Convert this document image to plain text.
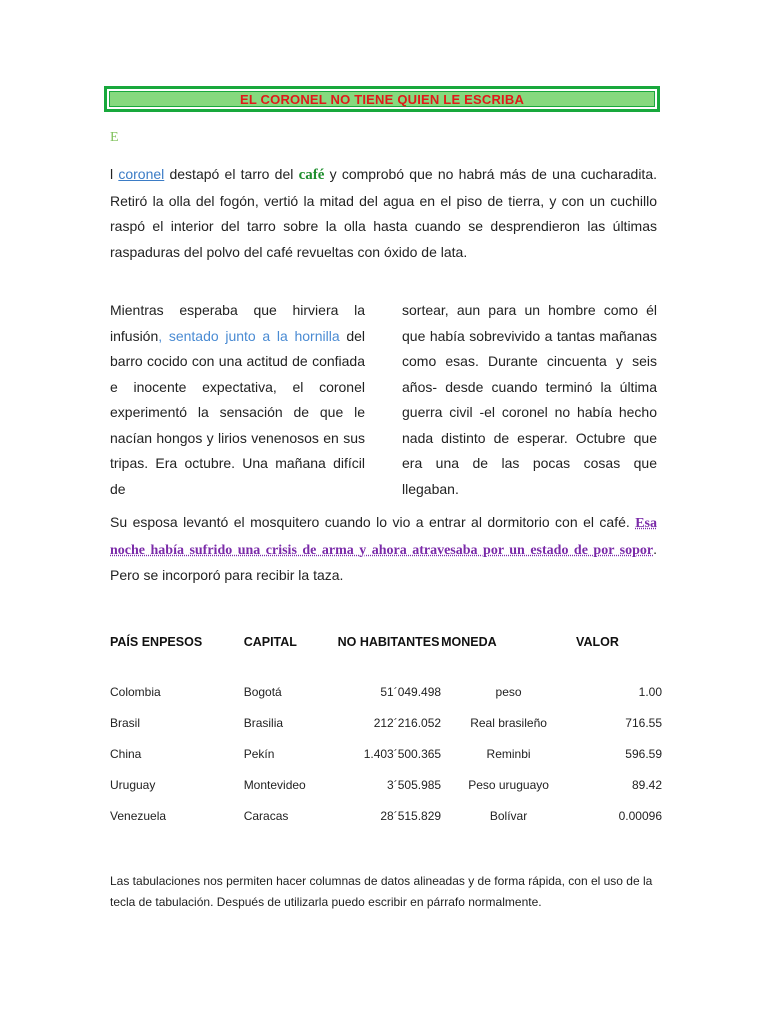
EL CORONEL NO TIENE QUIEN LE ESCRIBA
E

l coronel destapó el tarro del café y comprobó que no habrá más de una cucharadita. Retiró la olla del fogón, vertió la mitad del agua en el piso de tierra, y con un cuchillo raspó el interior del tarro sobre la olla hasta cuando se desprendieron las últimas raspaduras del polvo del café revueltas con óxido de lata.

Mientras esperaba que hirviera la infusión, sentado junto a la hornilla del barro cocido con una actitud de confiada e inocente expectativa, el coronel experimentó la sensación de que le nacían hongos y lirios venenosos en sus tripas. Era octubre. Una mañana difícil de

sortear, aun para un hombre como él que había sobrevivido a tantas mañanas como esas. Durante cincuenta y seis años- desde cuando terminó la última guerra civil -el coronel no había hecho nada distinto de esperar. Octubre que era una de las pocas cosas que llegaban.

Su esposa levantó el mosquitero cuando lo vio a entrar al dormitorio con el café. Esa noche había sufrido una crisis de arma y ahora atravesaba por un estado de por sopor. Pero se incorporó para recibir la taza.

PAÍS ENPESOS	CAPITAL	NO HABITANTES	MONEDA	VALOR
Colombia	Bogotá	51´049.498	peso	1.00
Brasil	Brasilia	212´216.052	Real brasileño	716.55
China	Pekín	1.403´500.365	Reminbi	596.59
Uruguay	Montevideo	3´505.985	Peso uruguayo	89.42
Venezuela	Caracas	28´515.829	Bolívar	0.00096

Las tabulaciones nos permiten hacer columnas de datos alineadas y de forma rápida, con el uso de la tecla de tabulación. Después de utilizarla puedo escribir en párrafo normalmente.
